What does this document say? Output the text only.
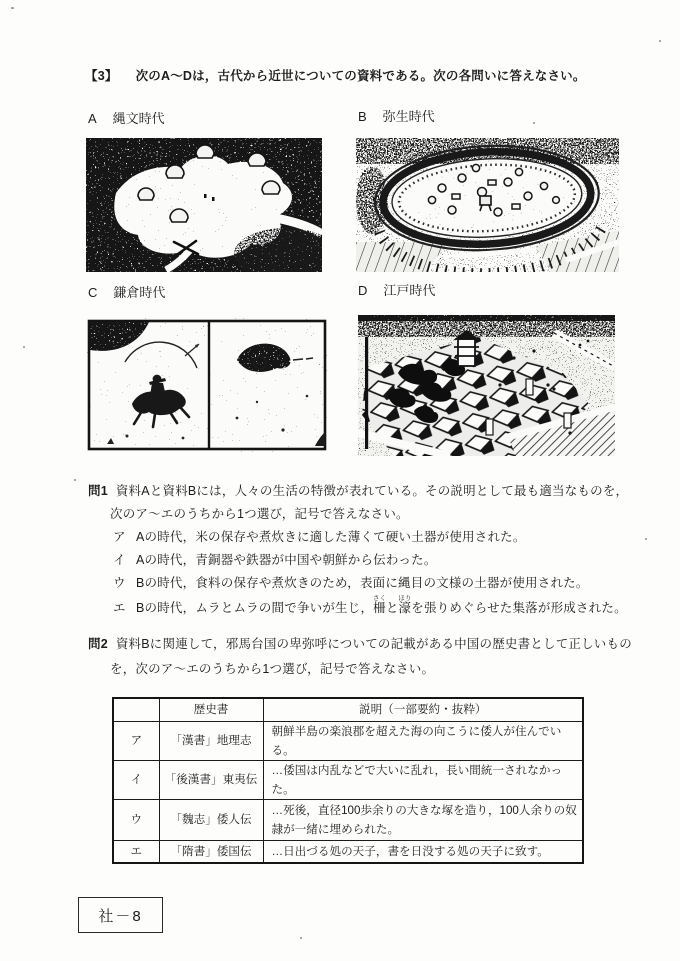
【3】 次のA～Dは，古代から近世についての資料である。次の各問いに答えなさい。
A 縄文時代	B 弥生時代
C 鎌倉時代	D 江戸時代
問1 資料Aと資料Bには，人々の生活の特徴が表れている。その説明として最も適当なものを，
次のア～エのうちから1つ選び，記号で答えなさい。
ア Aの時代，米の保存や煮炊きに適した薄くて硬い土器が使用された。
イ Aの時代，青銅器や鉄器が中国や朝鮮から伝わった。
ウ Bの時代，食料の保存や煮炊きのため，表面に縄目の文様の土器が使用された。
エ Bの時代，ムラとムラの間で争いが生じ，柵さくと濠ほりを張りめぐらせた集落が形成された。
問2 資料Bに関連して，邪馬台国の卑弥呼についての記載がある中国の歴史書として正しいもの
を，次のア～エのうちから1つ選び，記号で答えなさい。
	歴史書	説明（一部要約・抜粋）
ア	「漢書」地理志	朝鮮半島の楽浪郡を超えた海の向こうに倭人が住んでいる。
イ	「後漢書」東夷伝	…倭国は内乱などで大いに乱れ，長い間統一されなかった。
ウ	「魏志」倭人伝	…死後，直径100歩余りの大きな塚を造り，100人余りの奴隷が一緒に埋められた。
エ	「隋書」倭国伝	…日出づる処の天子，書を日没する処の天子に致す。
社－8
